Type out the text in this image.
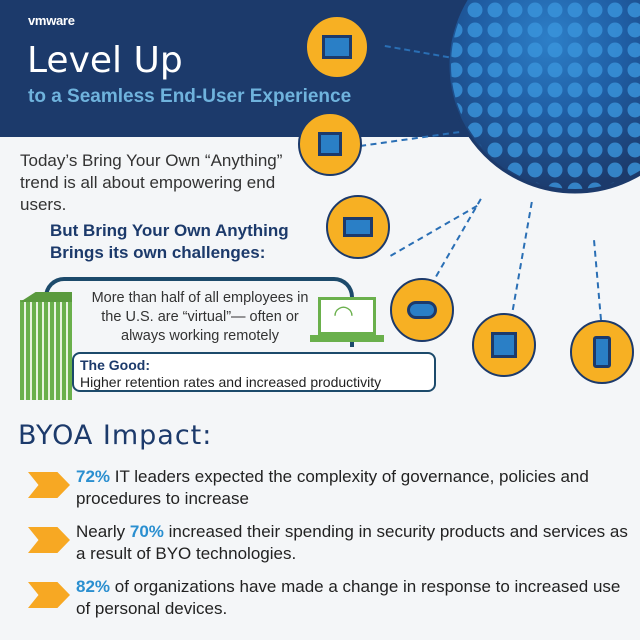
vmware
Level Up
to a Seamless End-User Experience
Today’s Bring Your Own “Anything” trend is all about empowering end users.
But Bring Your Own Anything Brings its own challenges:
◠
More than half of all employees in the U.S. are “virtual”— often or always working remotely
The Good:
Higher retention rates and increased productivity
BYOA Impact:
72% IT leaders expected the complexity of governance, policies and procedures to increase
Nearly 70% increased their spending in security products and services as a result of BYO technologies.
82% of organizations have made a change in response to increased use of personal devices.
